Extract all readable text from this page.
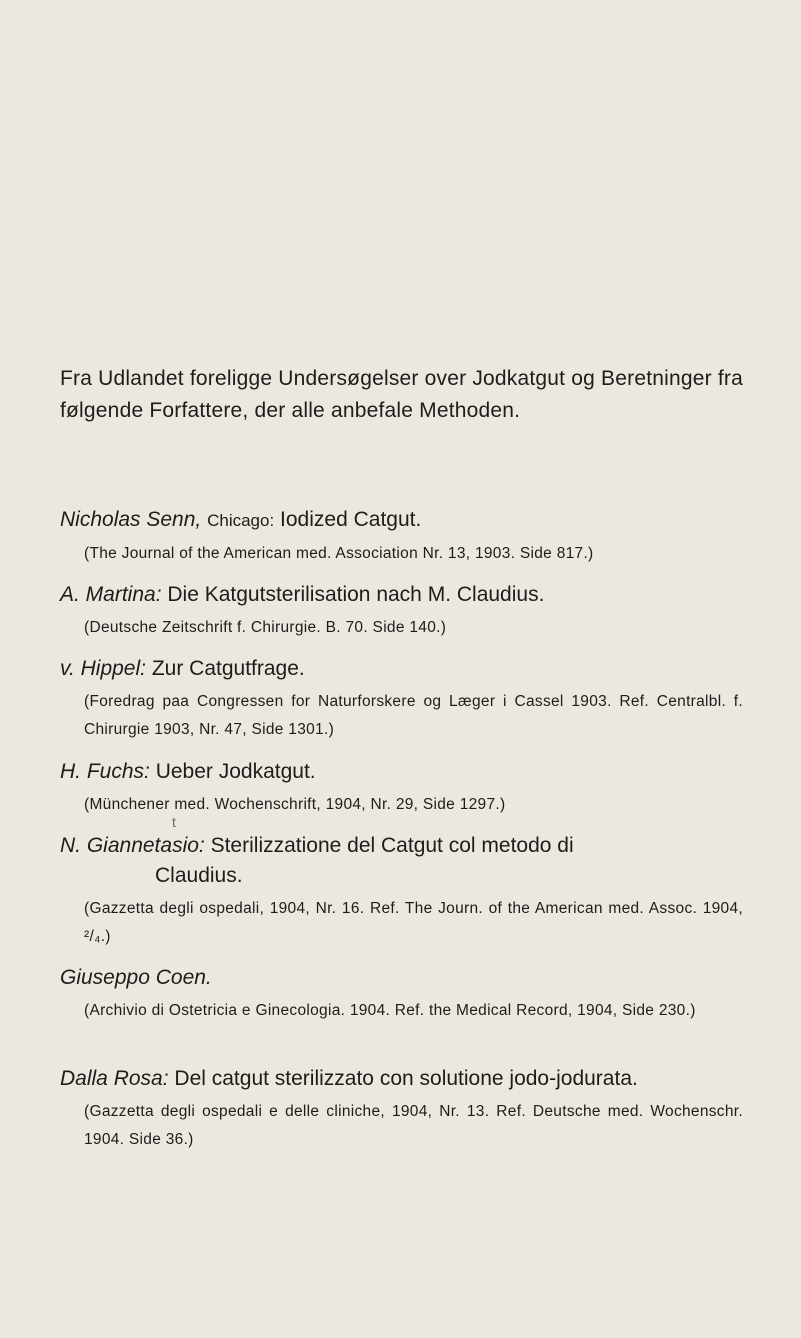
Fra Udlandet foreligge Undersøgelser over Jodkatgut og Beretninger fra følgende Forfattere, der alle anbefale Methoden.

Nicholas Senn, Chicago: Iodized Catgut.

(The Journal of the American med. Association Nr. 13, 1903. Side 817.)

A. Martina: Die Katgutsterilisation nach M. Claudius.

(Deutsche Zeitschrift f. Chirurgie. B. 70. Side 140.)

v. Hippel: Zur Catgutfrage.

(Foredrag paa Congressen for Naturforskere og Læger i Cassel 1903. Ref. Centralbl. f. Chirurgie 1903, Nr. 47, Side 1301.)

H. Fuchs: Ueber Jodkatgut.

(Münchener med. Wochenschrift, 1904, Nr. 29, Side 1297.)

t

N. Giannetasio: Sterilizzatione del Catgut col metodo di
Claudius.

(Gazzetta degli ospedali, 1904, Nr. 16. Ref. The Journ. of the American med. Assoc. 1904, ²/₄.)

Giuseppo Coen.

(Archivio di Ostetricia e Ginecologia. 1904. Ref. the Medical Record, 1904, Side 230.)

Dalla Rosa: Del catgut sterilizzato con solutione jodo-jodurata.

(Gazzetta degli ospedali e delle cliniche, 1904, Nr. 13. Ref. Deutsche med. Wochenschr. 1904. Side 36.)
